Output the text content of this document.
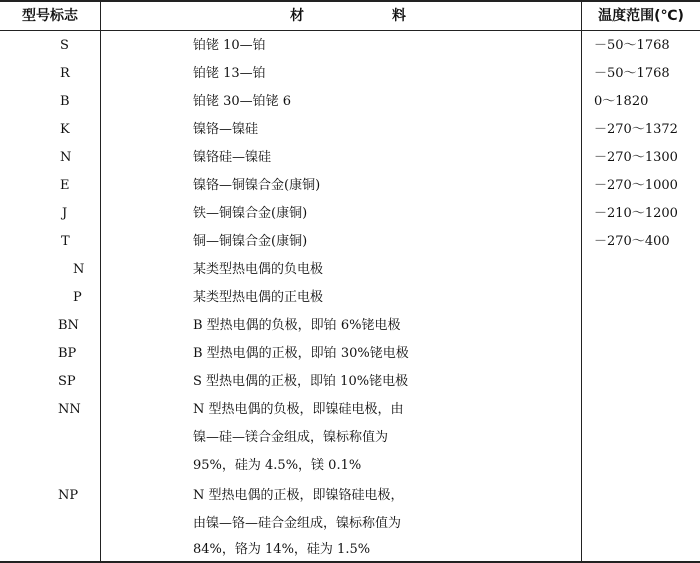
型号标志	材	料	温度范围(℃)
S	铂铑 10—铂	－50～1768
R	铂铑 13—铂	－50～1768
B	铂铑 30—铂铑 6	0～1820
K	镍铬—镍硅	－270～1372
N	镍铬硅—镍硅	－270～1300
E	镍铬—铜镍合金(康铜)	－270～1000
J	铁—铜镍合金(康铜)	－210～1200
T	铜—铜镍合金(康铜)	－270～400
N	某类型热电偶的负电极
P	某类型热电偶的正电极
BN	B 型热电偶的负极，即铂 6%铑电极
BP	B 型热电偶的正极，即铂 30%铑电极
SP	S 型热电偶的正极，即铂 10%铑电极
NN	N 型热电偶的负极，即镍硅电极，由
镍—硅—镁合金组成，镍标称值为
95%，硅为 4.5%，镁 0.1%
NP	N 型热电偶的正极，即镍铬硅电极，
由镍—铬—硅合金组成，镍标称值为
84%，铬为 14%，硅为 1.5%
